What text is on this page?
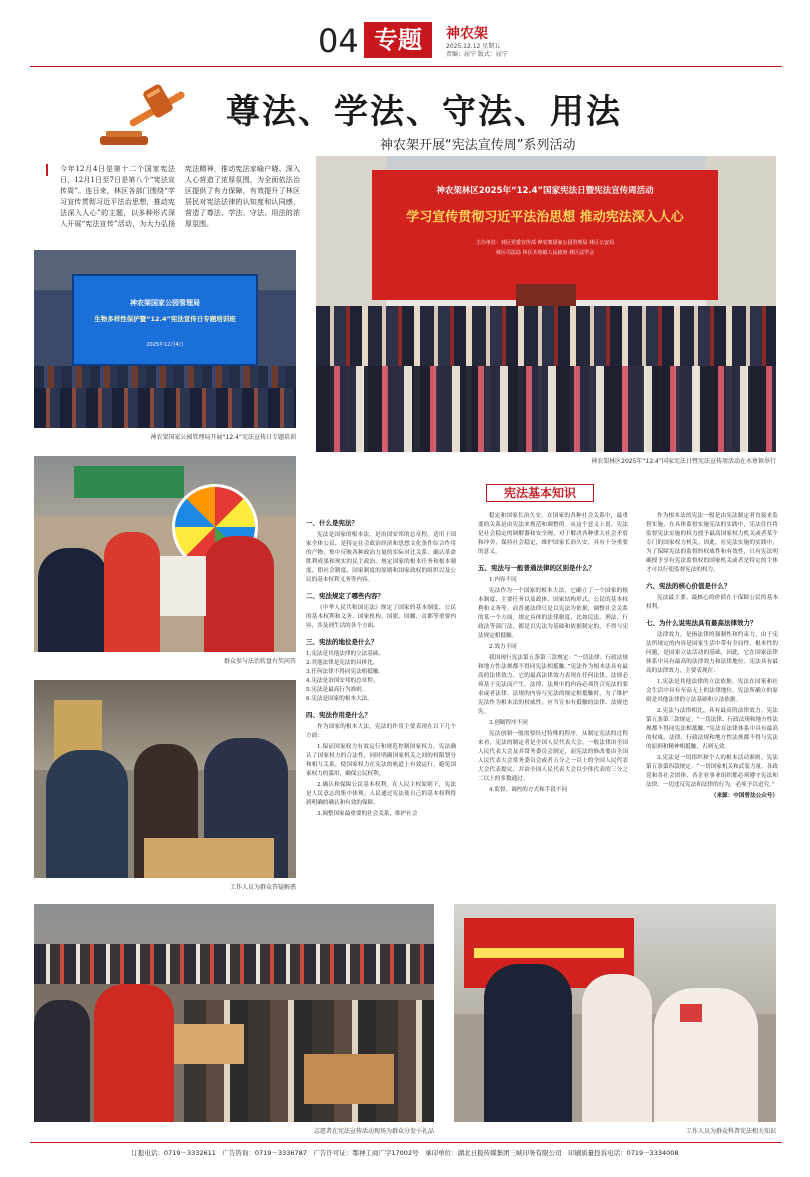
04 专题	神农架
2025.12.12 星期五
责编：屈宁 版式：屈宁
尊法、学法、守法、用法
神农架开展“宪法宣传周”系列活动
今年12月4日是第十二个国家宪法日，12月1日至7日是第八个“宪法宣传周”。连日来，林区各部门围绕“学习宣传贯彻习近平法治思想，推动宪法深入人心”的主题，以多种形式深入开展“宪法宣传”活动，为大力弘扬宪法精神，推动宪法家喻户晓、深入人心营造了浓厚氛围，为全面依法治区提供了有力保障，有效提升了林区居民对宪法法律的认知度和认同感，营造了尊法、学法、守法、用法的浓厚氛围。
神农架国家公园管理局
生物多样性保护暨“12.4”宪法宣传日专题培训班
2025年12月4日
神农架国家公园管理局开展“12.4”宪法宣传日专题培训
神农架林区2025年“12.4”国家宪法日暨宪法宣传周活动
学习宣传贯彻习近平法治思想 推动宪法深入人心
主办单位：林区党委宣传部 神农架国家公园管理局 林区公安局
林区司法局 林区木鱼镇人民政府 林区法学会
神农架林区2025年“12.4”国家宪法日暨宪法宣传周活动在木鱼镇举行
群众参与法治转盘有奖问答
工作人员为群众答疑解惑
志愿者在宪法宣传活动现场为群众分发小礼品	工作人员为群众科普宪法相关知识
宪法基本知识
一、什么是宪法？

宪法是国家的根本法，是治国安邦的总章程，适用于国家全体公民，是特定社会政治经济和思想文化条件综合作用的产物，集中反映各种政治力量的实际对比关系，确认革命胜利成果和现实的民主政治，规定国家的根本任务和根本制度，即社会制度、国家制度的原则和国家政权的组织以及公民的基本权利义务等内容。

二、宪法规定了哪些内容？

《中华人民共和国宪法》规定了国家的基本制度、公民的基本权利和义务、国家机构、国旗、国徽、首都等重要内容，涉及到生活的各个方面。

三、宪法的地位是什么？

1.宪法是其他法律的立法基础。

2.其他法律是宪法的具体化。

3.任何法律不得同宪法相抵触。

4.宪法是治国安邦的总章程。

5.宪法是最高行为准则。

6.宪法是国家的根本大法。

四、宪法作用是什么？

作为国家的根本大法，宪法的作用主要表现在以下几个方面：

1.保证国家权力有效运行和规范控制国家权力。宪法确认了国家权力的合法性，同时明确国家机关之间的权限划分和相互关系，使国家权力在宪法的轨道上有效运行，避免国家权力的滥用，确保公民权利。

2.确认和保障公民基本权利。在人民主权原则下，宪法是人民意志的集中体现。人民通过宪法使自己的基本权利得到明确的确认和有效的保障。

3.调整国家最重要的社会关系，维护社会

稳定和国家长治久安。在国家的各种社会关系中，最重要的关系是由宪法来规范和调整的。从这个意义上说，宪法是社会稳定的调解器和安全阀，对于解决各种重大社会矛盾和冲突，保持社会稳定，维护国家长治久安，具有十分重要的意义。

五、宪法与一般普通法律的区别是什么？

1.内容不同

宪法作为一个国家的根本大法，它确立了一个国家的根本制度、主要任务以及政体、国家结构形式、公民的基本权利和义务等。而普通法律只是以宪法为依据，调整社会关系的某一个方面，规定具体的法律制度，比如民法、刑法、行政法等部门法，都是以宪法为基础和依据制定的，不得与宪法规定相抵触。

2.效力不同

我国现行宪法第五条第三款规定：“一切法律、行政法规和地方性法规都不得同宪法相抵触。”宪法作为根本法具有最高的法律效力。它的最高法律效力表现在任何法律、法规必须基于宪法而产生，法律、法规中的内容必须符合宪法的要求或者法律、法规的内容与宪法的规定相抵触时，为了维护宪法作为根本法的权威性，应当宣布有抵触的法律、法规违宪。

3.创制程序不同

宪法创制一般需要经过特殊的程序，从制定宪法的过程来看，宪法的制定者是全国人民代表大会，一般法律由全国人民代表大会及其常务委员会制定，而宪法的修改要由全国人民代表大会常务委员会或者五分之一以上的全国人民代表大会代表提议，并由全国人民代表大会以全体代表的三分之二以上的多数通过。

4.监督、调控的方式和手段不同

作为根本法的宪法一般是由宪法制定者直接来监督实施，在具体监督实施宪法的实践中，宪法往往将监督宪法实施的权力授予最高国家权力机关或者某个专门的国家权力机关。因此，在宪法实施的实践中，为了保障宪法的监督的权威性和有效性，只有宪法明确授予享有宪法监督权的国家机关或者是特定的主体才可以行使监督宪法的权力。

六、宪法的核心价值是什么？

宪法最主要、最核心的价值在于保障公民的基本权利。

七、为什么说宪法具有最高法律效力？

法律效力，是指法律的强制性和约束力，由于宪法所规定的内容是国家生活中带有全局性、根本性的问题，是国家立法活动的基础，因此，它在国家法律体系中具有最高的法律效力和法律地位。宪法具有最高的法律效力，主要表现在：

1.宪法是其他法律的立法依据。宪法在国家和社会生活中具有至高无上的法律地位，宪法所确立的原则是其他法律的立法基础和立法依据。

2.宪法与法律相比，具有最高的法律效力。宪法第五条第三款规定：“一切法律、行政法规和地方性法规都不得同宪法相抵触。”宪法在法律体系中具有最高的权威，法律、行政法规和地方性法规都不得与宪法的原则和精神相抵触，否则无效。

3.宪法是一切组织和个人的根本活动准则。宪法第五条第四款规定：“一切国家机关和武装力量、各政党和各社会团体、各企业事业组织都必须遵守宪法和法律。一切违反宪法和法律的行为，必须予以追究。”

（来源：中国普法公众号）

订报电话：0719－3332611　广告咨询：0719－3336787　广告许可证：鄂神工商广字17002号　承印单位：湖北日报传媒集团三峡印务有限公司　印刷质量投诉电话：0719－3334008
